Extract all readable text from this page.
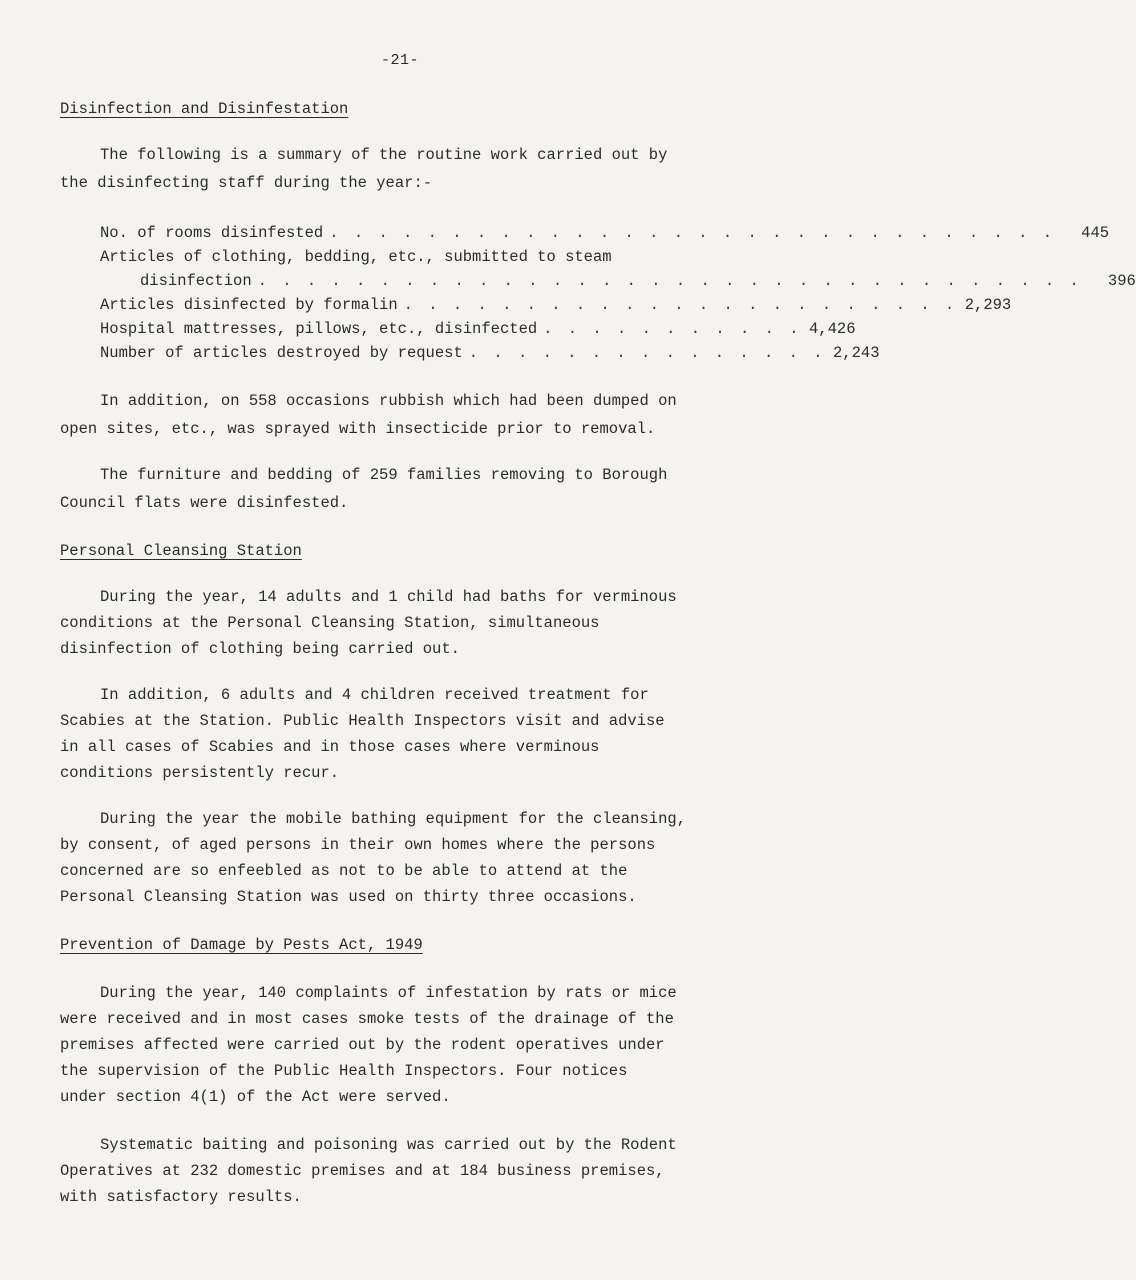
-21-
Disinfection and Disinfestation
The following is a summary of the routine work carried out by
the disinfecting staff during the year:-
No. of rooms disinfested . . . . . . . . . . . . . . . . . . . . . . . . . . . . . .	445
Articles of clothing, bedding, etc., submitted to steam
disinfection . . . . . . . . . . . . . . . . . . . . . . . . . . . . . . . . . .	396
Articles disinfected by formalin . . . . . . . . . . . . . . . . . . . . . . . 2,293
Hospital mattresses, pillows, etc., disinfected . . . . . . . . . . . 4,426
Number of articles destroyed by request . . . . . . . . . . . . . . . 2,243
In addition, on 558 occasions rubbish which had been dumped on
open sites, etc., was sprayed with insecticide prior to removal.
The furniture and bedding of 259 families removing to Borough
Council flats were disinfested.
Personal Cleansing Station
During the year, 14 adults and 1 child had baths for verminous
conditions at the Personal Cleansing Station, simultaneous
disinfection of clothing being carried out.
In addition, 6 adults and 4 children received treatment for
Scabies at the Station. Public Health Inspectors visit and advise
in all cases of Scabies and in those cases where verminous
conditions persistently recur.
During the year the mobile bathing equipment for the cleansing,
by consent, of aged persons in their own homes where the persons
concerned are so enfeebled as not to be able to attend at the
Personal Cleansing Station was used on thirty three occasions.
Prevention of Damage by Pests Act, 1949
During the year, 140 complaints of infestation by rats or mice
were received and in most cases smoke tests of the drainage of the
premises affected were carried out by the rodent operatives under
the supervision of the Public Health Inspectors. Four notices
under section 4(1) of the Act were served.
Systematic baiting and poisoning was carried out by the Rodent
Operatives at 232 domestic premises and at 184 business premises,
with satisfactory results.
